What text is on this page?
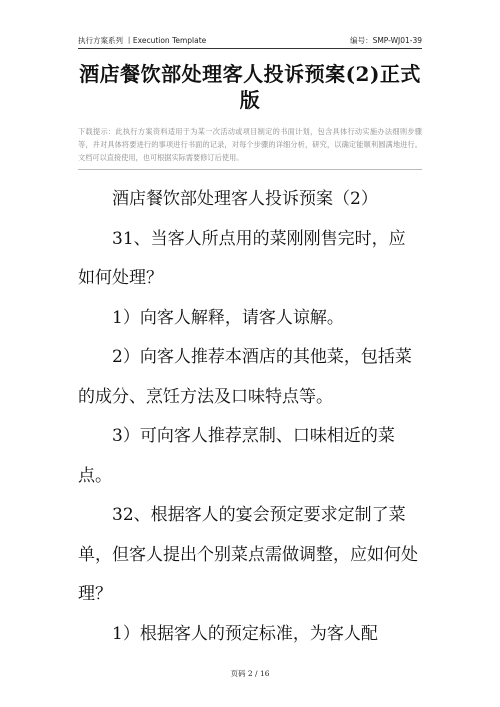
执行方案系列 丨Execution Template	编号：SMP-WJ01-39
酒店餐饮部处理客人投诉预案(2)正式版
下载提示：此执行方案资料适用于为某一次活动或项目制定的书面计划，包含具体行动实施办法细则步骤等，并对具体将要进行的事项进行书面的记录，对每个步骤的详细分析，研究，以确定能顺利圆满地进行。文档可以直接使用，也可根据实际需要修订后使用。

酒店餐饮部处理客人投诉预案（2）

31、当客人所点用的菜刚刚售完时，应如何处理？

1）向客人解释，请客人谅解。

2）向客人推荐本酒店的其他菜，包括菜的成分、烹饪方法及口味特点等。

3）可向客人推荐烹制、口味相近的菜点。

32、根据客人的宴会预定要求定制了菜单，但客人提出个别菜点需做调整，应如何处理？

1）根据客人的预定标准，为客人配

页码 2 / 16
